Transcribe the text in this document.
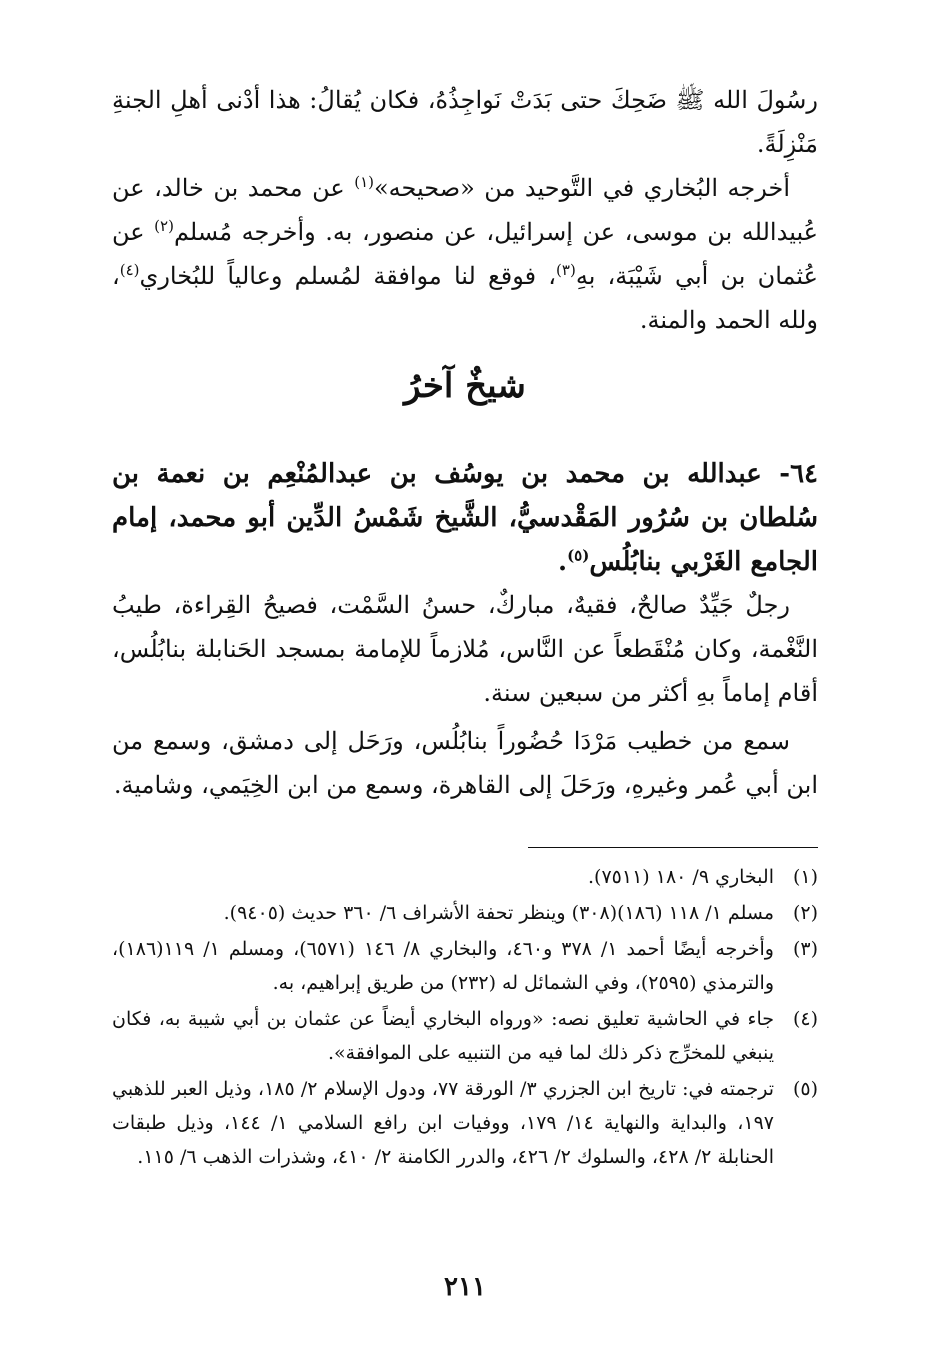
رسُولَ الله ﷺ ضَحِكَ حتى بَدَتْ نَواجِذُهُ، فكان يُقالُ: هذا أدْنى أهلِ الجنةِ مَنْزِلَةً.

أخرجه البُخاري في التَّوحيد من «صحيحه»$^{(١)}$ عن محمد بن خالد، عن عُبيدالله بن موسى، عن إسرائيل، عن منصور، به. وأخرجه مُسلم$^{(٢)}$ عن عُثمان بن أبي شَيْبَة، بهِ$^{(٣)}$، فوقع لنا موافقة لمُسلم وعالياً للبُخاري$^{(٤)}$، ولله الحمد والمنة.

شيخٌ آخرُ
٦٤- عبدالله بن محمد بن يوسُف بن عبدالمُنْعِم بن نعمة بن سُلطان بن سُرُور المَقْدسيُّ، الشَّيخ شَمْسُ الدِّين أبو محمد، إمام الجامع الغَرْبي بنابُلُس$^{(٥)}$.

رجلٌ جَيِّدٌ صالحٌ، فقيهٌ، مباركٌ، حسنُ السَّمْت، فصيحُ القِراءة، طيبُ النَّغْمة، وكان مُنْقَطعاً عن النَّاس، مُلازماً للإمامة بمسجد الحَنابلة بنابُلُس، أقام إماماً بهِ أكثر من سبعين سنة.

سمع من خطيب مَرْدَا حُضُوراً بنابُلُس، ورَحَل إلى دمشق، وسمع من ابن أبي عُمر وغيرهِ، ورَحَلَ إلى القاهرة، وسمع من ابن الخِيَمي، وشامية.

(١)
البخاري ٩/ ١٨٠ (٧٥١١).
(٢)
مسلم ١/ ١١٨ (١٨٦)(٣٠٨) وينظر تحفة الأشراف ٦/ ٣٦٠ حديث (٩٤٠٥).
(٣)
وأخرجه أيضًا أحمد ١/ ٣٧٨ و٤٦٠، والبخاري ٨/ ١٤٦ (٦٥٧١)، ومسلم ١/ ١١٩(١٨٦)، والترمذي (٢٥٩٥)، وفي الشمائل له (٢٣٢) من طريق إبراهيم، به.
(٤)
جاء في الحاشية تعليق نصه: «ورواه البخاري أيضاً عن عثمان بن أبي شيبة به، فكان ينبغي للمخرِّج ذكر ذلك لما فيه من التنبيه على الموافقة».
(٥)
ترجمته في: تاريخ ابن الجزري ٣/ الورقة ٧٧، ودول الإسلام ٢/ ١٨٥، وذيل العبر للذهبي ١٩٧، والبداية والنهاية ١٤/ ١٧٩، ووفيات ابن رافع السلامي ١/ ١٤٤، وذيل طبقات الحنابلة ٢/ ٤٢٨، والسلوك ٢/ ٤٢٦، والدرر الكامنة ٢/ ٤١٠، وشذرات الذهب ٦/ ١١٥.
٢١١
